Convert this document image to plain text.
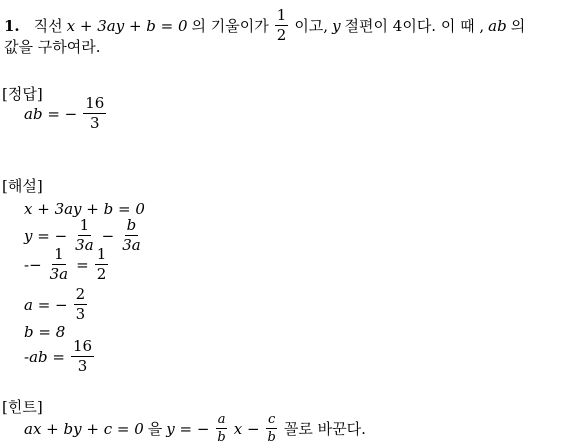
1. 직선 x + 3ay + b = 0 의 기울이가 $\frac{1}{2}$ 이고, y 절편이 4이다. 이 때 , ab 의
값을 구하여라.
[정답]
ab = − $\frac{16}{3}$
[해설]
x + 3ay + b = 0
y = − $\frac{1}{3a} - \frac{b}{3a}$
-− $\frac{1}{3a} = \frac{1}{2}$
a = − $\frac{2}{3}$
b = 8
$-ab = \frac{16}{3}$
[힌트]
ax + by + c = 0 을 y = − $\frac{a}{b}$ $x - \frac{c}{b}$ 꼴로 바꾼다.
